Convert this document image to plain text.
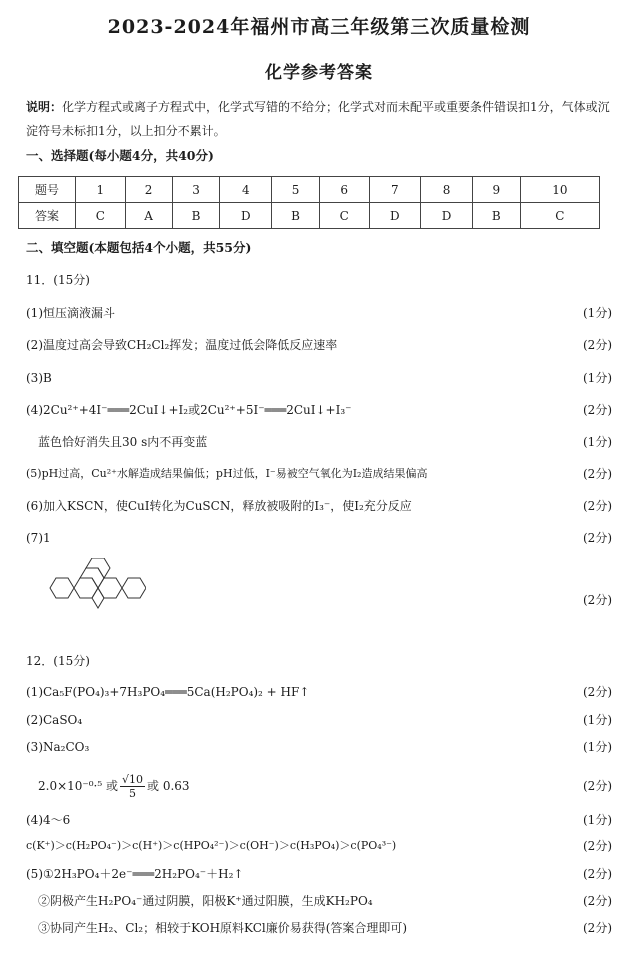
2023-2024年福州市高三年级第三次质量检测
化学参考答案
说明：化学方程式或离子方程式中，化学式写错的不给分；化学式对而未配平或重要条件错误扣1分，气体或沉淀符号未标扣1分，以上扣分不累计。
一、选择题(每小题4分，共40分)
题号	1	2	3	4	5	6	7	8	9	10
答案	C	A	B	D	B	C	D	D	B	C
二、填空题(本题包括4个小题，共55分)
11．(15分)
(1)恒压滴液漏斗	(1分)
(2)温度过高会导致CH₂Cl₂挥发；温度过低会降低反应速率	(2分)
(3)B	(1分)
(4)2Cu²⁺+4I⁻═══2CuI↓+I₂或2Cu²⁺+5I⁻═══2CuI↓+I₃⁻	(2分)
蓝色恰好消失且30 s内不再变蓝	(1分)
(5)pH过高，Cu²⁺水解造成结果偏低；pH过低，I⁻易被空气氧化为I₂造成结果偏高	(2分)
(6)加入KSCN，使CuI转化为CuSCN，释放被吸附的I₃⁻，使I₂充分反应	(2分)
(7)1	(2分)
(2分)
12．(15分)
(1)Ca₅F(PO₄)₃+7H₃PO₄═══5Ca(H₂PO₄)₂ + HF↑	(2分)
(2)CaSO₄	(1分)
(3)Na₂CO₃	(1分)
2.0×10⁻⁰·⁵ 或 $\frac{√10}{5}$ 或 0.63	(2分)
(4)4～6	(1分)
c(K⁺)＞c(H₂PO₄⁻)＞c(H⁺)＞c(HPO₄²⁻)＞c(OH⁻)＞c(H₃PO₄)＞c(PO₄³⁻)	(2分)
(5)①2H₃PO₄＋2e⁻═══2H₂PO₄⁻＋H₂↑	(2分)
②阴极产生H₂PO₄⁻通过阴膜，阳极K⁺通过阳膜，生成KH₂PO₄	(2分)
③协同产生H₂、Cl₂；相较于KOH原料KCl廉价易获得(答案合理即可)	(2分)
